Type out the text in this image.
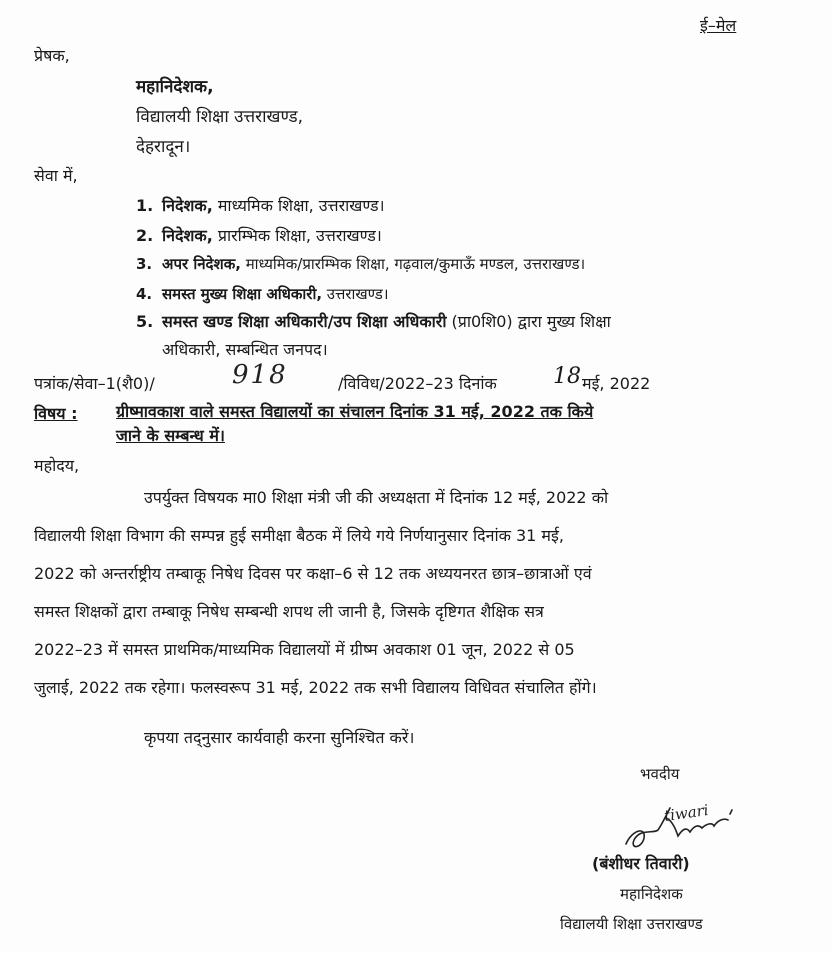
ई–मेल
प्रेषक,
महानिदेशक,
विद्यालयी शिक्षा उत्तराखण्ड,
देहरादून।
सेवा में,
1. निदेशक, माध्यमिक शिक्षा, उत्तराखण्ड।
2. निदेशक, प्रारम्भिक शिक्षा, उत्तराखण्ड।
3. अपर निदेशक, माध्यमिक/प्रारम्भिक शिक्षा, गढ़वाल/कुमाऊँ मण्डल, उत्तराखण्ड।
4. समस्त मुख्य शिक्षा अधिकारी, उत्तराखण्ड।
5. समस्त खण्ड शिक्षा अधिकारी/उप शिक्षा अधिकारी (प्रा0शि0) द्वारा मुख्य शिक्षा
अधिकारी, सम्बन्धित जनपद।
पत्रांक/सेवा–1(शै0)/	918	/विविध/2022–23 दिनांक	18 मई, 2022
विषय : ग्रीष्मावकाश वाले समस्त विद्यालयों का संचालन दिनांक 31 मई, 2022 तक किये
जाने के सम्बन्ध में।
महोदय,
उपर्युक्त विषयक मा0 शिक्षा मंत्री जी की अध्यक्षता में दिनांक 12 मई, 2022 को
विद्यालयी शिक्षा विभाग की सम्पन्न हुई समीक्षा बैठक में लिये गये निर्णयानुसार दिनांक 31 मई,
2022 को अन्तर्राष्ट्रीय तम्बाकू निषेध दिवस पर कक्षा–6 से 12 तक अध्ययनरत छात्र–छात्राओं एवं
समस्त शिक्षकों द्वारा तम्बाकू निषेध सम्बन्धी शपथ ली जानी है, जिसके दृष्टिगत शैक्षिक सत्र
2022–23 में समस्त प्राथमिक/माध्यमिक विद्यालयों में ग्रीष्म अवकाश 01 जून, 2022 से 05
जुलाई, 2022 तक रहेगा। फलस्वरूप 31 मई, 2022 तक सभी विद्यालय विधिवत संचालित होंगे।
कृपया तद्नुसार कार्यवाही करना सुनिश्चित करें।
भवदीय
tiwari
(बंशीधर तिवारी)
महानिदेशक
विद्यालयी शिक्षा उत्तराखण्ड
